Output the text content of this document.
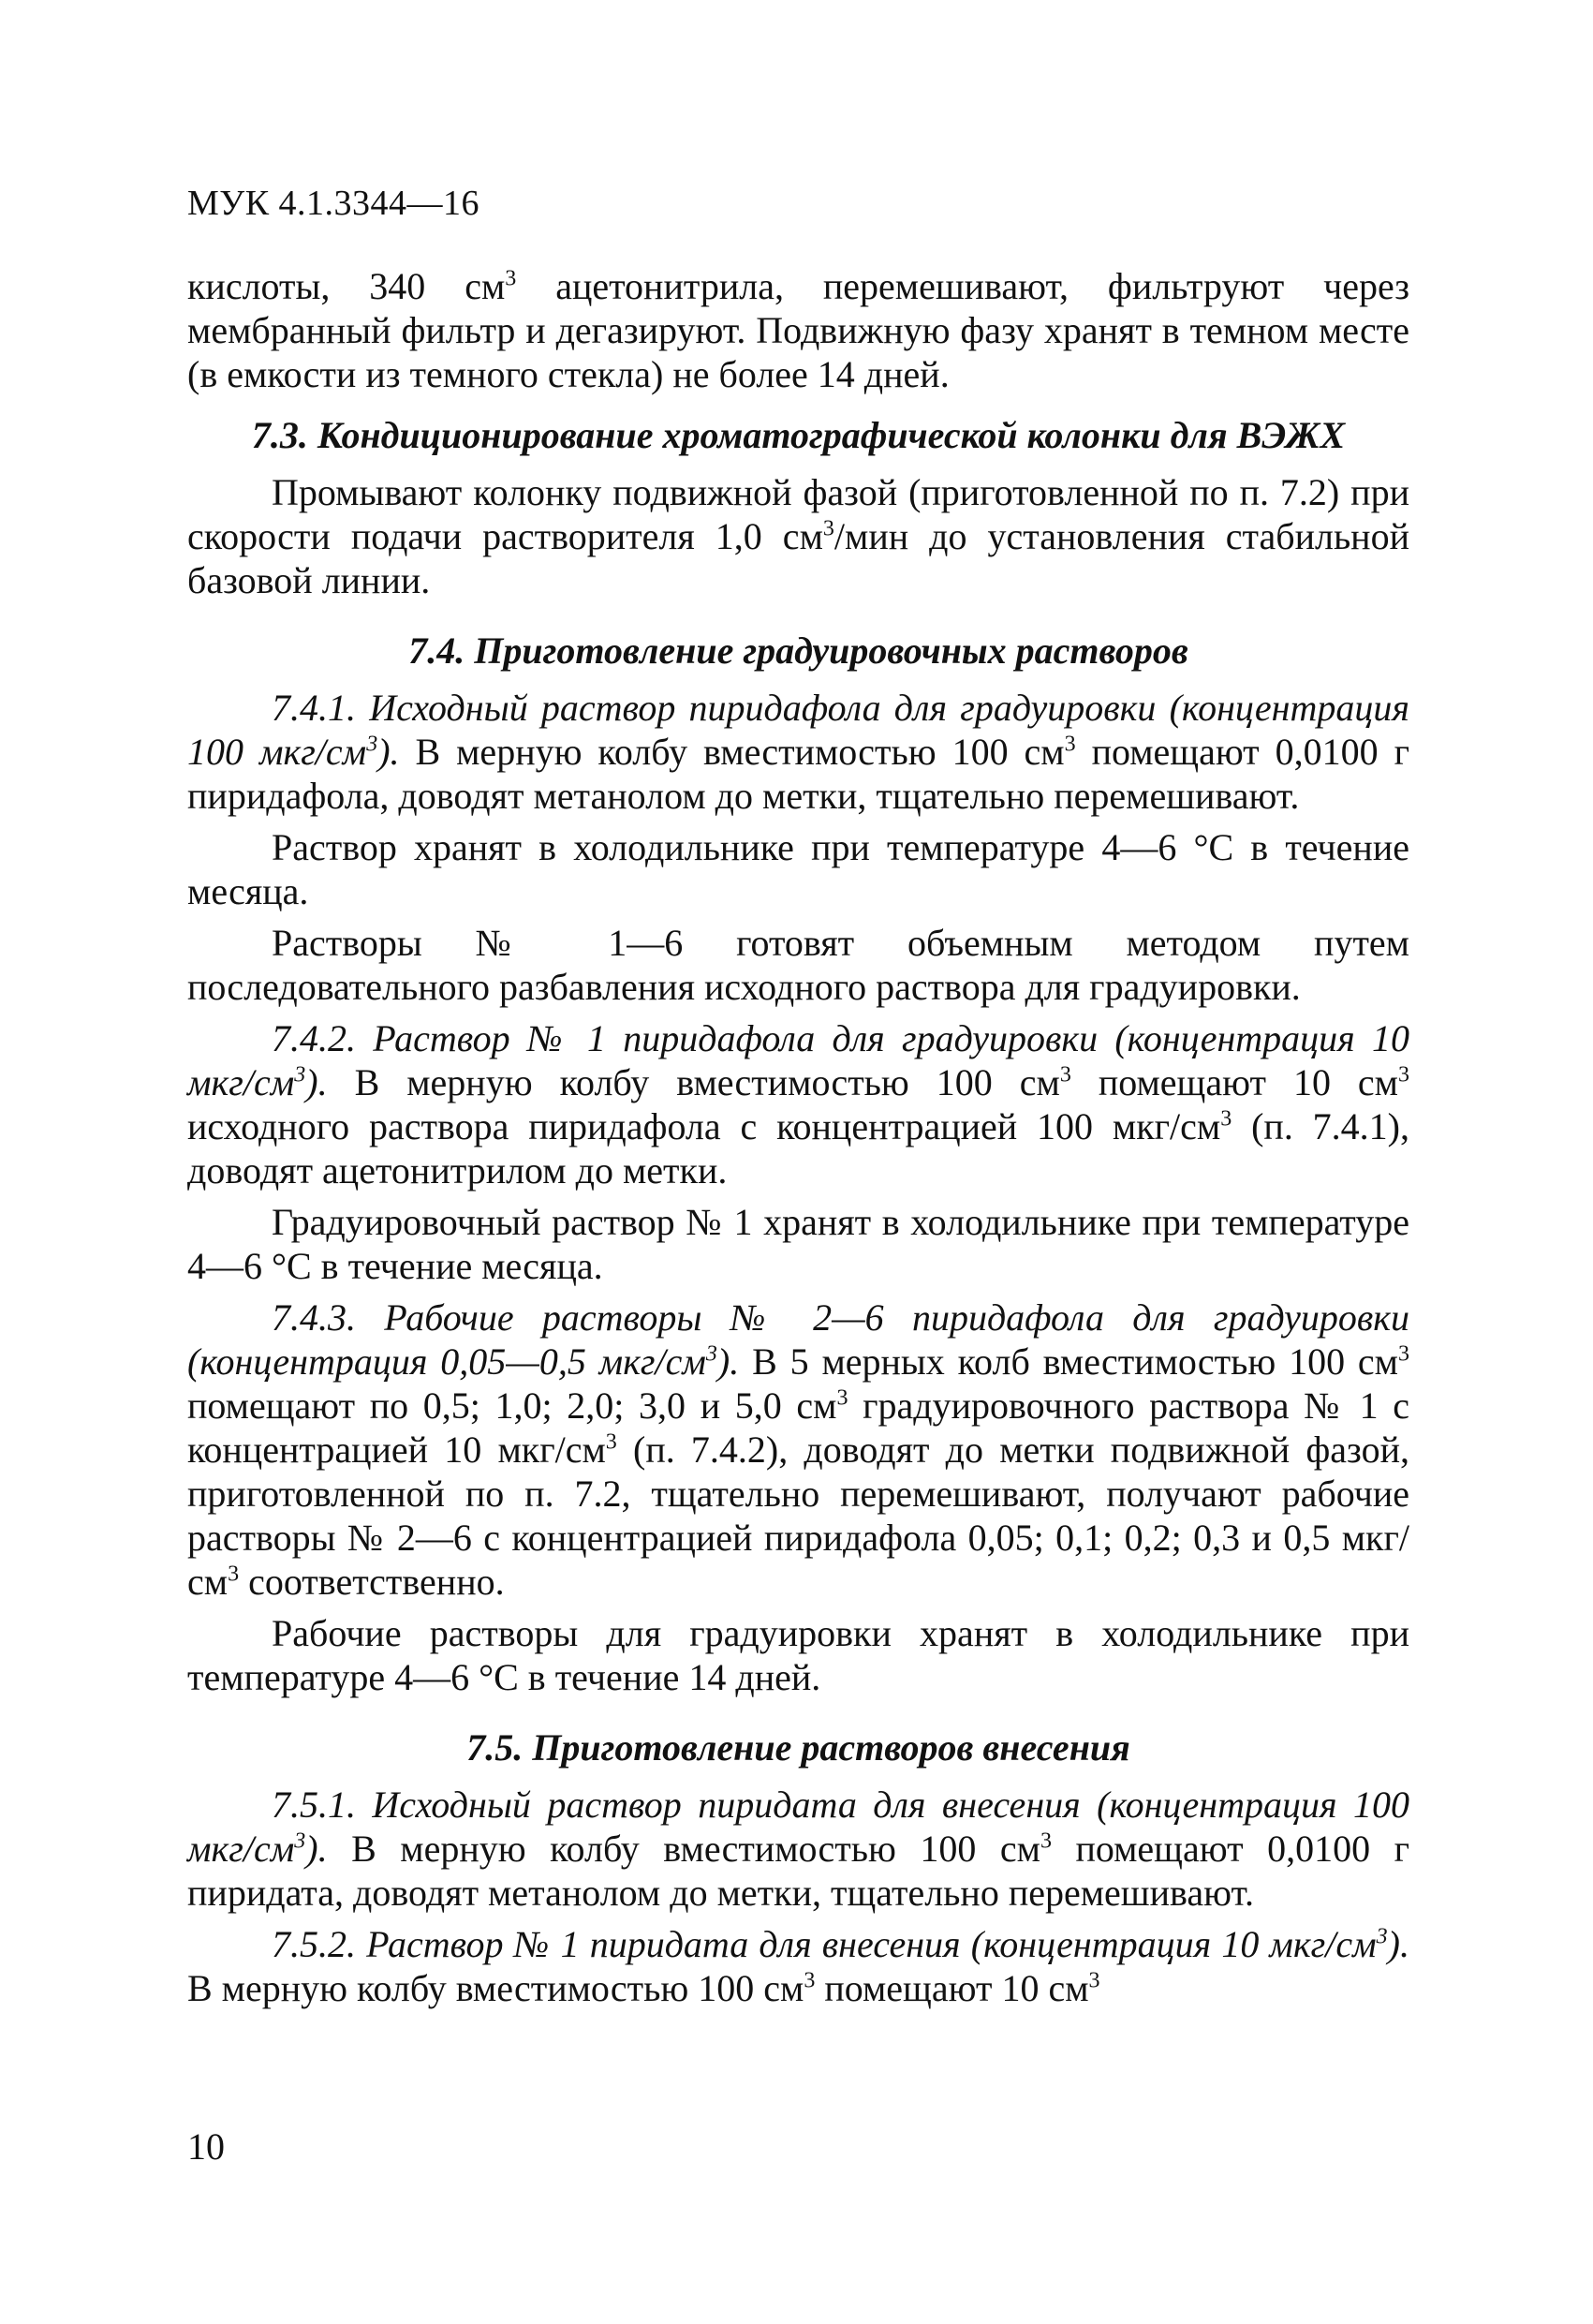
МУК 4.1.3344—16

кислоты, 340 $см^3$ ацетонитрила, перемешивают, фильтруют через мембранный фильтр и дегазируют. Подвижную фазу хранят в темном месте (в емкости из темного стекла) не более 14 дней.

7.3. Кондиционирование хроматографической колонки для ВЭЖХ

Промывают колонку подвижной фазой (приготовленной по п. 7.2) при скорости подачи растворителя 1,0 $см^3$/мин до установления стабильной базовой линии.

7.4. Приготовление градуировочных растворов

7.4.1. Исходный раствор пиридафола для градуировки (концентрация 100 мкг/$см^3$). В мерную колбу вместимостью 100 $см^3$ помещают 0,0100 г пиридафола, доводят метанолом до метки, тщательно перемешивают.

Раствор хранят в холодильнике при температуре 4—6 °С в течение месяца.

Растворы № 1—6 готовят объемным методом путем последовательного разбавления исходного раствора для градуировки.

7.4.2. Раствор № 1 пиридафола для градуировки (концентрация 10 мкг/$см^3$). В мерную колбу вместимостью 100 $см^3$ помещают 10 $см^3$ исходного раствора пиридафола с концентрацией 100 мкг/$см^3$ (п. 7.4.1), доводят ацетонитрилом до метки.

Градуировочный раствор № 1 хранят в холодильнике при температуре 4—6 °С в течение месяца.

7.4.3. Рабочие растворы № 2—6 пиридафола для градуировки (концентрация 0,05—0,5 мкг/$см^3$). В 5 мерных колб вместимостью 100 $см^3$ помещают по 0,5; 1,0; 2,0; 3,0 и 5,0 $см^3$ градуировочного раствора № 1 с концентрацией 10 мкг/$см^3$ (п. 7.4.2), доводят до метки подвижной фазой, приготовленной по п. 7.2, тщательно перемешивают, получают рабочие растворы № 2—6 с концентрацией пиридафола 0,05; 0,1; 0,2; 0,3 и 0,5 мкг/$см^3$ соответственно.

Рабочие растворы для градуировки хранят в холодильнике при температуре 4—6 °С в течение 14 дней.

7.5. Приготовление растворов внесения

7.5.1. Исходный раствор пиридата для внесения (концентрация 100 мкг/$см^3$). В мерную колбу вместимостью 100 $см^3$ помещают 0,0100 г пиридата, доводят метанолом до метки, тщательно перемешивают.

7.5.2. Раствор № 1 пиридата для внесения (концентрация 10 мкг/$см^3$). В мерную колбу вместимостью 100 $см^3$ помещают 10 $см^3$

10
